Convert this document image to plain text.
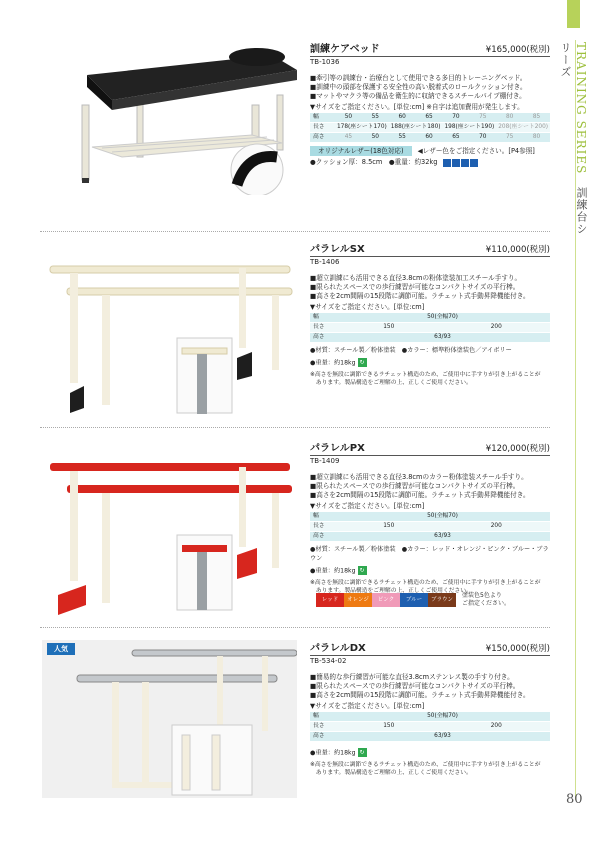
TRAINING SERIES 訓練台シリーズ
80
訓練ケアベッド
TB-1036
¥165,000(税別)
■牽引等の訓練台・治療台として使用できる多目的トレーニングベッド。
■訓練中の頭部を保護する安全性の高い脱着式のロールクッション付き。
■マットやマクラ等の備品を衛生的に収納できるスチールパイプ棚付き。
▼サイズをご指定ください。[単位:cm] ※自字は追加費用が発生します。
幅	50	55	60	65	70	75	80	85
長さ	178(座シート170)		188(座シート180)		198(座シート190)		208(座シート200)	
高さ	45	50	55	60	65	70	75	80
オリジナルレザー(18色対応)	◀レザー色をご指定ください。[P4参照]
●クッション厚：8.5cm　●重量：約32kg
パラレルSX
TB-1406
¥110,000(税別)
■超立訓練にも活用できる直径3.8cmの粉体塗装加工スチール手すり。
■限られたスペースでの歩行練習が可能なコンパクトサイズの平行棒。
■高さを2cm間隔の15段階に調節可能。ラチェット式手動昇降機能付き。
▼サイズをご指定ください。[単位:cm]
幅	50(全幅70)	
長さ	150	200
高さ	63/93	
●材質：スチール製／粉体塗装　●カラー：標準粉体塗装色／アイボリー
●重量：約18kg ↻
※高さを無段に調節できるラチェット構造のため、ご使用中に手すりが引き上がることが
　あります。製品構造をご理解の上、正しくご使用ください。
パラレルPX
TB-1409
¥120,000(税別)
■超立訓練にも活用できる直径3.8cmのカラー粉体塗装スチール手すり。
■限られたスペースでの歩行練習が可能なコンパクトサイズの平行棒。
■高さを2cm間隔の15段階に調節可能。ラチェット式手動昇降機能付き。
▼サイズをご指定ください。[単位:cm]
幅	50(全幅70)	
長さ	150	200
高さ	63/93	
●材質：スチール製／粉体塗装　●カラー：レッド・オレンジ・ピンク・ブルー・ブラウン
●重量：約18kg ↻
※高さを無段に調節できるラチェット構造のため、ご使用中に手すりが引き上がることが
　あります。製品構造をご理解の上、正しくご使用ください。
レッド	オレンジ	ピンク	ブルー	ブラウン
塗装色5色より
ご指定ください。
人気	パラレルDX
TB-534-02
¥150,000(税別)
■簡易的な歩行練習が可能な直径3.8cmステンレス製の手すり付き。
■限られたスペースでの歩行練習が可能なコンパクトサイズの平行棒。
■高さを2cm間隔の15段階に調節可能。ラチェット式手動昇降機能付き。
▼サイズをご指定ください。[単位:cm]
幅	50(全幅70)	
長さ	150	200
高さ	63/93	
●重量：約18kg ↻
※高さを無段に調節できるラチェット構造のため、ご使用中に手すりが引き上がることが
　あります。製品構造をご理解の上、正しくご使用ください。
